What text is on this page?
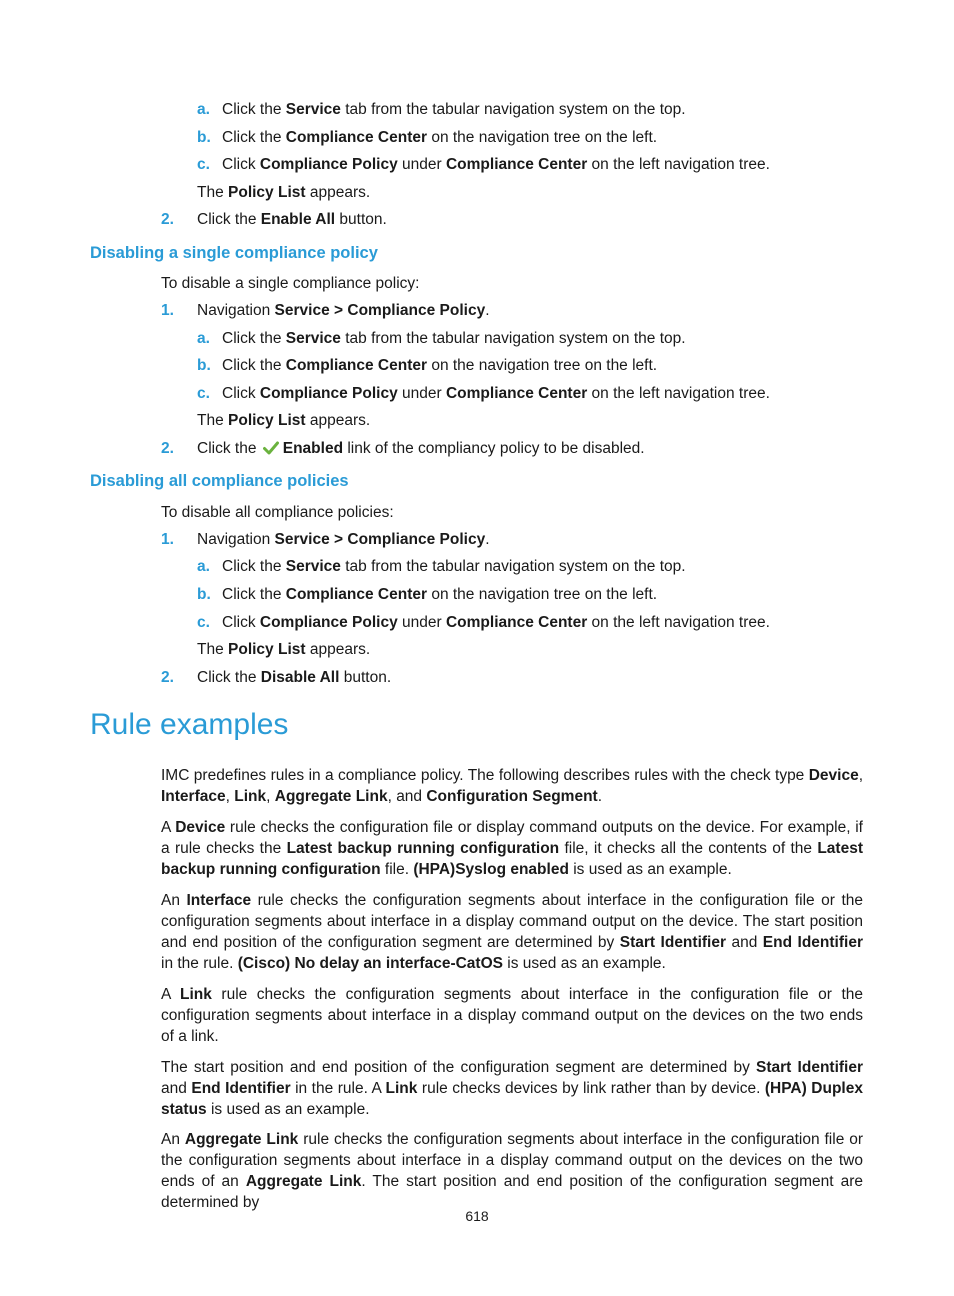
a. Click the Service tab from the tabular navigation system on the top.
b. Click the Compliance Center on the navigation tree on the left.
c. Click Compliance Policy under Compliance Center on the left navigation tree.
The Policy List appears.
2. Click the Enable All button.
Disabling a single compliance policy
To disable a single compliance policy:
1. Navigation Service > Compliance Policy.
a. Click the Service tab from the tabular navigation system on the top.
b. Click the Compliance Center on the navigation tree on the left.
c. Click Compliance Policy under Compliance Center on the left navigation tree.
The Policy List appears.
2. Click the Enabled link of the compliancy policy to be disabled.
Disabling all compliance policies
To disable all compliance policies:
1. Navigation Service > Compliance Policy.
a. Click the Service tab from the tabular navigation system on the top.
b. Click the Compliance Center on the navigation tree on the left.
c. Click Compliance Policy under Compliance Center on the left navigation tree.
The Policy List appears.
2. Click the Disable All button.
Rule examples
IMC predefines rules in a compliance policy. The following describes rules with the check type Device, Interface, Link, Aggregate Link, and Configuration Segment.
A Device rule checks the configuration file or display command outputs on the device. For example, if a rule checks the Latest backup running configuration file, it checks all the contents of the Latest backup running configuration file. (HPA)Syslog enabled is used as an example.
An Interface rule checks the configuration segments about interface in the configuration file or the configuration segments about interface in a display command output on the device. The start position and end position of the configuration segment are determined by Start Identifier and End Identifier in the rule. (Cisco) No delay an interface-CatOS is used as an example.
A Link rule checks the configuration segments about interface in the configuration file or the configuration segments about interface in a display command output on the devices on the two ends of a link.
The start position and end position of the configuration segment are determined by Start Identifier and End Identifier in the rule. A Link rule checks devices by link rather than by device. (HPA) Duplex status is used as an example.
An Aggregate Link rule checks the configuration segments about interface in the configuration file or the configuration segments about interface in a display command output on the devices on the two ends of an Aggregate Link. The start position and end position of the configuration segment are determined by
618
